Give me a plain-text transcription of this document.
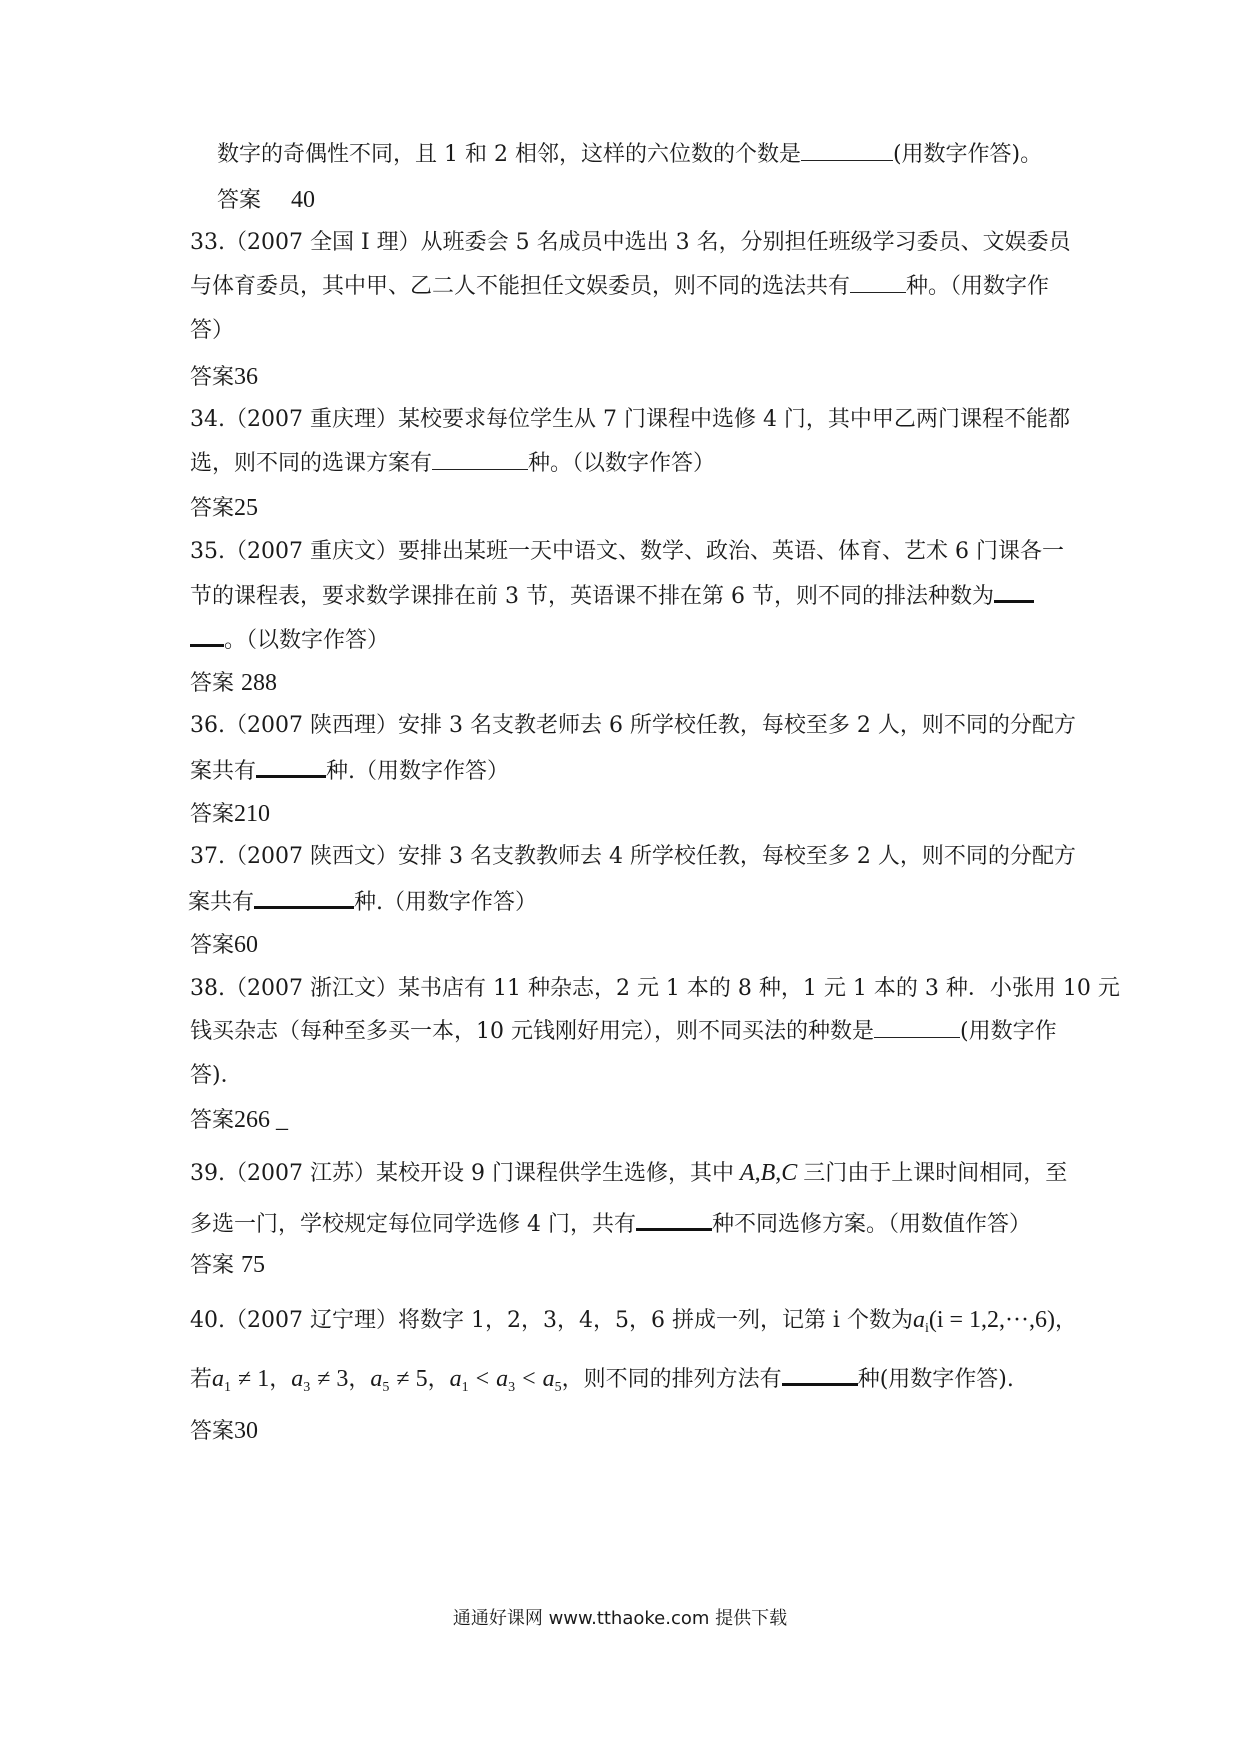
数字的奇偶性不同，且 1 和 2 相邻，这样的六位数的个数是	(用数字作答)。
答案 40
33.（2007 全国 I 理）从班委会 5 名成员中选出 3 名，分别担任班级学习委员、文娱委员
与体育委员，其中甲、乙二人不能担任文娱委员，则不同的选法共有	种。（用数字作
答）
答案36
34.（2007 重庆理）某校要求每位学生从 7 门课程中选修 4 门，其中甲乙两门课程不能都
选，则不同的选课方案有	种。（以数字作答）
答案25
35.（2007 重庆文）要排出某班一天中语文、数学、政治、英语、体育、艺术 6 门课各一
节的课程表，要求数学课排在前 3 节，英语课不排在第 6 节，则不同的排法种数为
。（以数字作答）
答案 288
36.（2007 陕西理）安排 3 名支教老师去 6 所学校任教，每校至多 2 人，则不同的分配方
案共有	种.（用数字作答）
答案210
37.（2007 陕西文）安排 3 名支教教师去 4 所学校任教，每校至多 2 人，则不同的分配方
案共有	种.（用数字作答）
答案60
38.（2007 浙江文）某书店有 11 种杂志，2 元 1 本的 8 种，1 元 1 本的 3 种．小张用 10 元
钱买杂志（每种至多买一本，10 元钱刚好用完），则不同买法的种数是	(用数字作
答)．
答案266 _
39.（2007 江苏）某校开设 9 门课程供学生选修，其中 A,B,C 三门由于上课时间相同，至
多选一门，学校规定每位同学选修 4 门，共有	种不同选修方案。（用数值作答）
答案 75
40.（2007 辽宁理）将数字 1，2，3，4，5，6 拼成一列，记第 i 个数为$a_i(i = 1,2,\cdot\cdot\cdot,6)$，
若$a_1 \ne 1$，$a_3 \ne 3$，$a_5 \ne 5$，$a_1 < a_3 < a_5$，则不同的排列方法有	种(用数字作答).
答案30
通通好课网 www.tthaoke.com 提供下载
